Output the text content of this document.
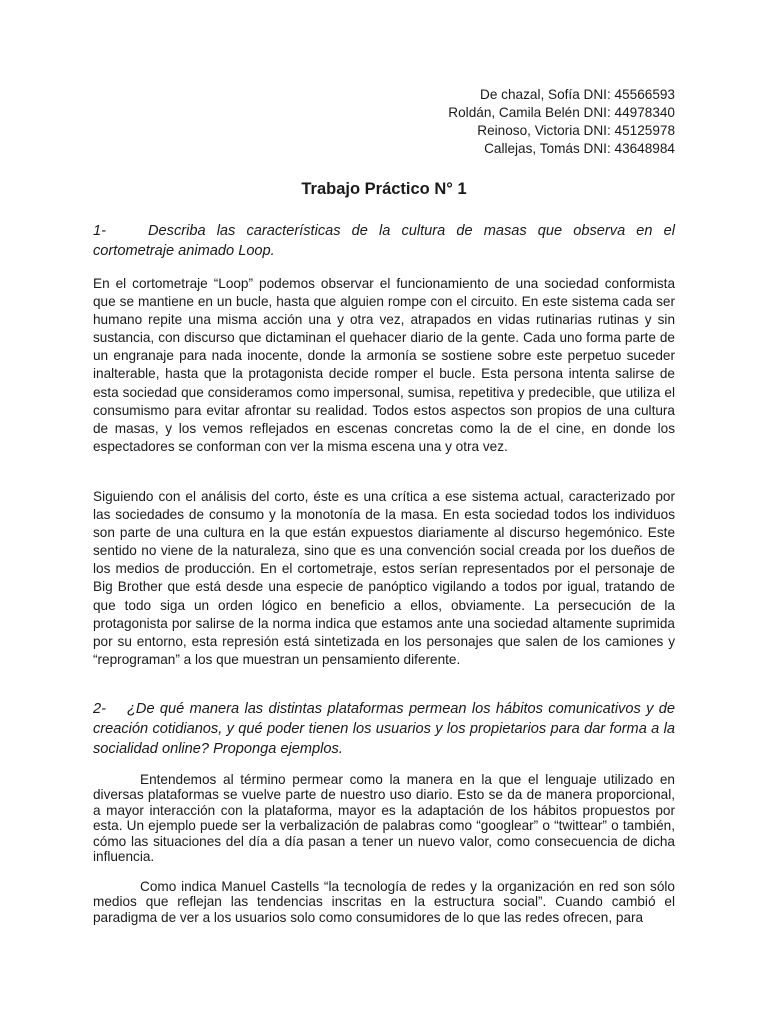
De chazal, Sofía DNI: 45566593
Roldán, Camila Belén DNI: 44978340
Reinoso, Victoria DNI: 45125978
Callejas, Tomás DNI: 43648984
Trabajo Práctico N° 1
1-	Describa las características de la cultura de masas que observa en el cortometraje animado Loop.
En el cortometraje “Loop” podemos observar el funcionamiento de una sociedad conformista que se mantiene en un bucle, hasta que alguien rompe con el circuito. En este sistema cada ser humano repite una misma acción una y otra vez, atrapados en vidas rutinarias rutinas y sin sustancia, con discurso que dictaminan el quehacer diario de la gente. Cada uno forma parte de un engranaje para nada inocente, donde la armonía se sostiene sobre este perpetuo suceder inalterable, hasta que la protagonista decide romper el bucle. Esta persona intenta salirse de esta sociedad que consideramos como impersonal, sumisa, repetitiva y predecible, que utiliza el consumismo para evitar afrontar su realidad. Todos estos aspectos son propios de una cultura de masas, y los vemos reflejados en escenas concretas como la de el cine, en donde los espectadores se conforman con ver la misma escena una y otra vez.
Siguiendo con el análisis del corto, éste es una crítica a ese sistema actual, caracterizado por las sociedades de consumo y la monotonía de la masa. En esta sociedad todos los individuos son parte de una cultura en la que están expuestos diariamente al discurso hegemónico. Este sentido no viene de la naturaleza, sino que es una convención social creada por los dueños de los medios de producción. En el cortometraje, estos serían representados por el personaje de Big Brother que está desde una especie de panóptico vigilando a todos por igual, tratando de que todo siga un orden lógico en beneficio a ellos, obviamente. La persecución de la protagonista por salirse de la norma indica que estamos ante una sociedad altamente suprimida por su entorno, esta represión está sintetizada en los personajes que salen de los camiones y “reprograman” a los que muestran un pensamiento diferente.
2- ¿De qué manera las distintas plataformas permean los hábitos comunicativos y de creación cotidianos, y qué poder tienen los usuarios y los propietarios para dar forma a la socialidad online? Proponga ejemplos.
Entendemos al término permear como la manera en la que el lenguaje utilizado en diversas plataformas se vuelve parte de nuestro uso diario. Esto se da de manera proporcional, a mayor interacción con la plataforma, mayor es la adaptación de los hábitos propuestos por esta. Un ejemplo puede ser la verbalización de palabras como “googlear” o “twittear” o también, cómo las situaciones del día a día pasan a tener un nuevo valor, como consecuencia de dicha influencia.
Como indica Manuel Castells “la tecnología de redes y la organización en red son sólo medios que reflejan las tendencias inscritas en la estructura social”. Cuando cambió el paradigma de ver a los usuarios solo como consumidores de lo que las redes ofrecen, para
